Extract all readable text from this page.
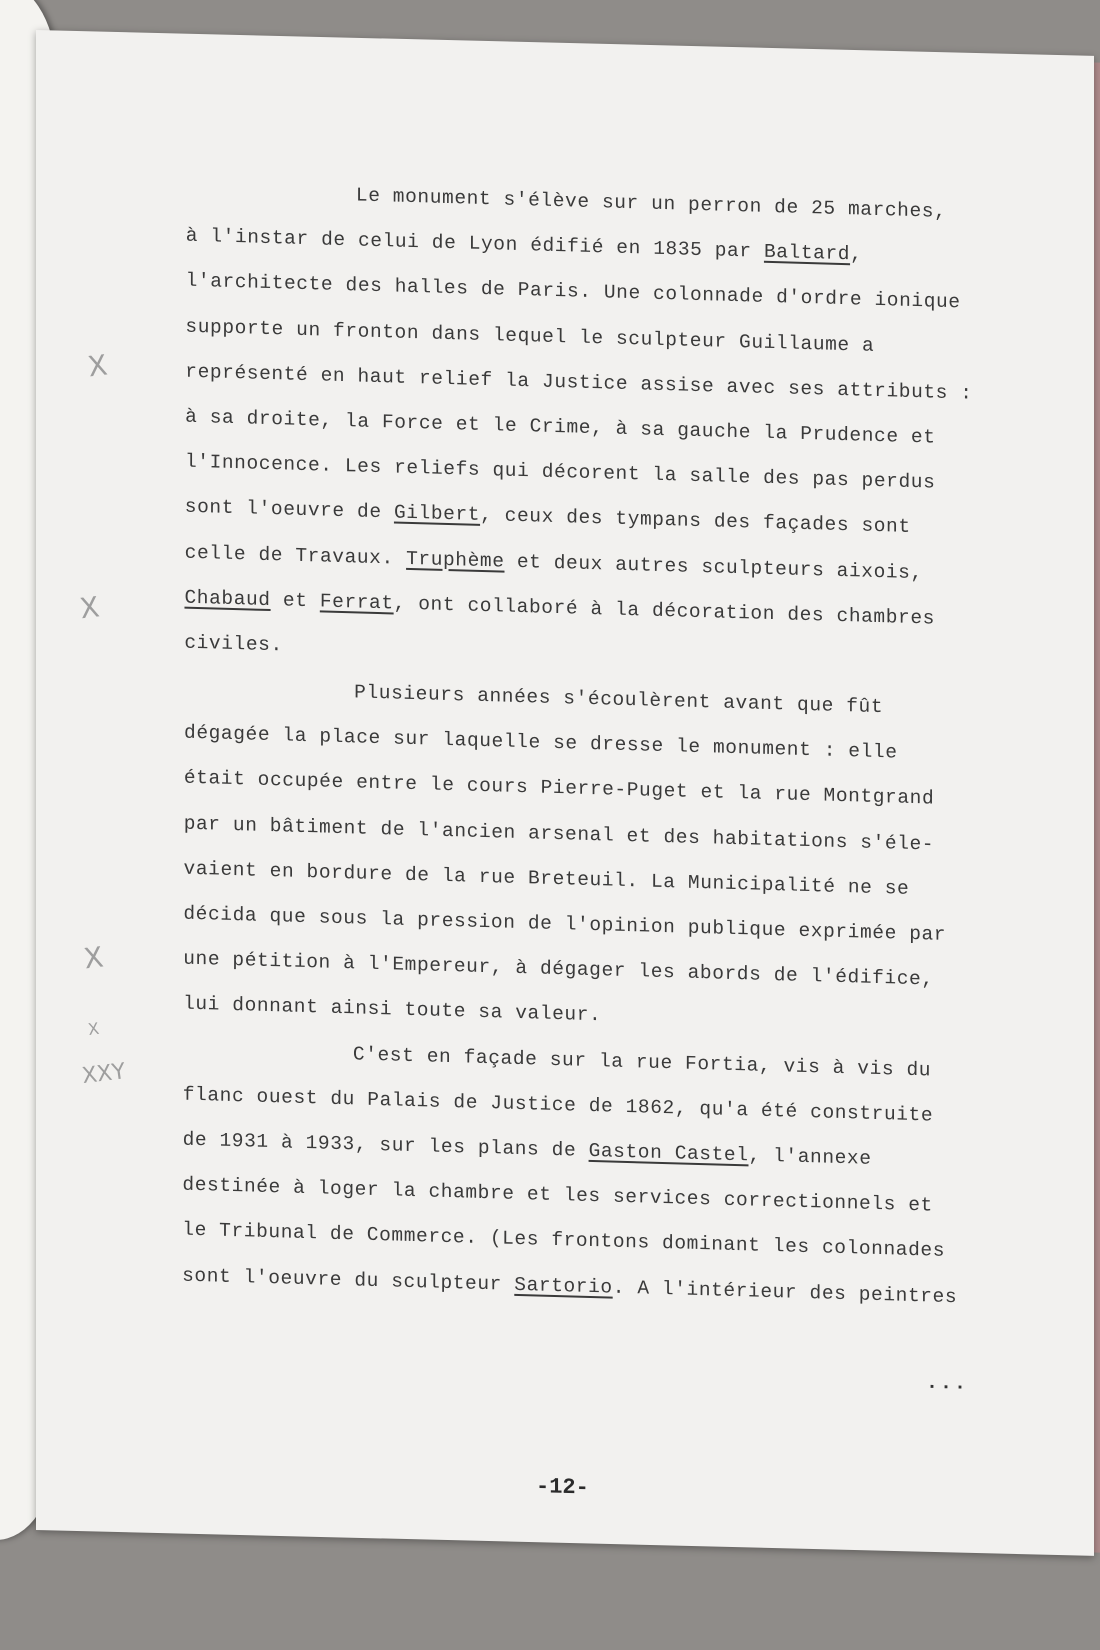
X
X
X
X
XXY
Le monument s'élève sur un perron de 25 marches,
à l'instar de celui de Lyon édifié en 1835 par Baltard,
l'architecte des halles de Paris. Une colonnade d'ordre ionique
supporte un fronton dans lequel le sculpteur Guillaume a
représenté en haut relief la Justice assise avec ses attributs :
à sa droite, la Force et le Crime, à sa gauche la Prudence et
l'Innocence. Les reliefs qui décorent la salle des pas perdus
sont l'oeuvre de Gilbert, ceux des tympans des façades sont
celle de Travaux. Truphème et deux autres sculpteurs aixois,
Chabaud et Ferrat, ont collaboré à la décoration des chambres
civiles.
Plusieurs années s'écoulèrent avant que fût
dégagée la place sur laquelle se dresse le monument : elle
était occupée entre le cours Pierre-Puget et la rue Montgrand
par un bâtiment de l'ancien arsenal et des habitations s'éle-
vaient en bordure de la rue Breteuil. La Municipalité ne se
décida que sous la pression de l'opinion publique exprimée par
une pétition à l'Empereur, à dégager les abords de l'édifice,
lui donnant ainsi toute sa valeur.
C'est en façade sur la rue Fortia, vis à vis du
flanc ouest du Palais de Justice de 1862, qu'a été construite
de 1931 à 1933, sur les plans de Gaston Castel, l'annexe
destinée à loger la chambre et les services correctionnels et
le Tribunal de Commerce. (Les frontons dominant les colonnades
sont l'oeuvre du sculpteur Sartorio. A l'intérieur des peintres
...
-12-
